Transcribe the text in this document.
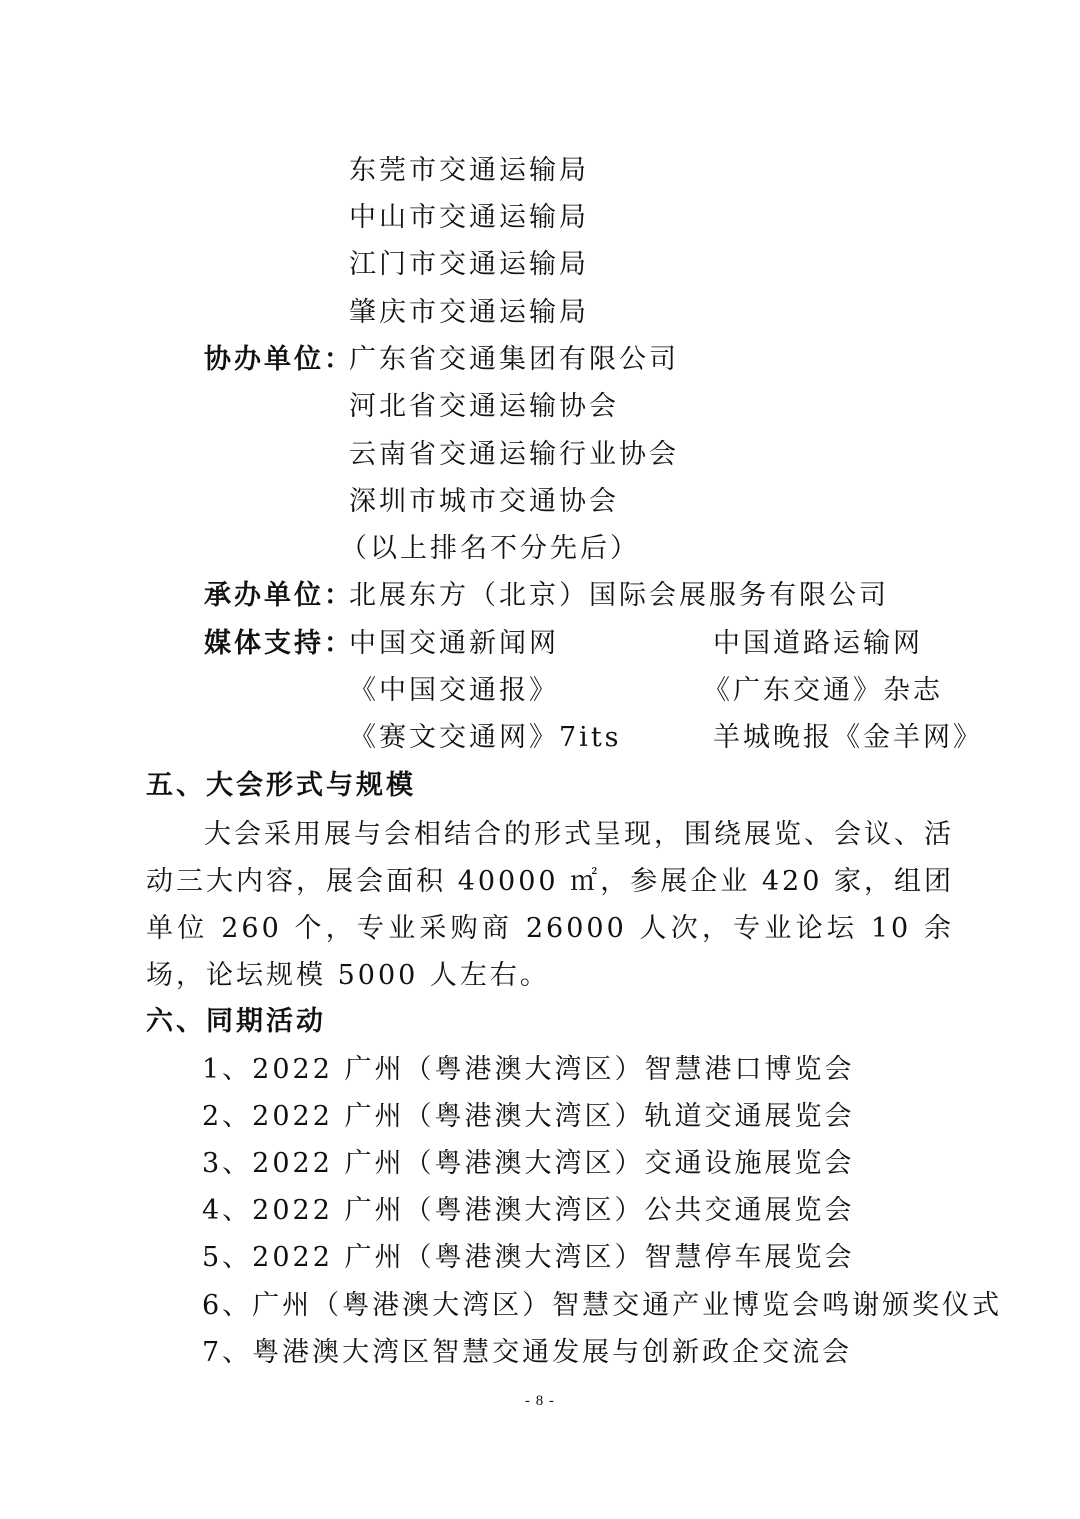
东莞市交通运输局
中山市交通运输局
江门市交通运输局
肇庆市交通运输局
协办单位：
广东省交通集团有限公司
河北省交通运输协会
云南省交通运输行业协会
深圳市城市交通协会
（以上排名不分先后）
承办单位：
北展东方（北京）国际会展服务有限公司
媒体支持：
中国交通新闻网	中国道路运输网
《中国交通报》	《广东交通》杂志
《赛文交通网》7its	羊城晚报《金羊网》
五、大会形式与规模
大会采用展与会相结合的形式呈现，围绕展览、会议、活动三大内容，展会面积 40000 ㎡，参展企业 420 家，组团单位 260 个，专业采购商 26000 人次，专业论坛 10 余场，论坛规模 5000 人左右。
六、同期活动
1、2022 广州（粤港澳大湾区）智慧港口博览会
2、2022 广州（粤港澳大湾区）轨道交通展览会
3、2022 广州（粤港澳大湾区）交通设施展览会
4、2022 广州（粤港澳大湾区）公共交通展览会
5、2022 广州（粤港澳大湾区）智慧停车展览会
6、广州（粤港澳大湾区）智慧交通产业博览会鸣谢颁奖仪式
7、粤港澳大湾区智慧交通发展与创新政企交流会
- 8 -
